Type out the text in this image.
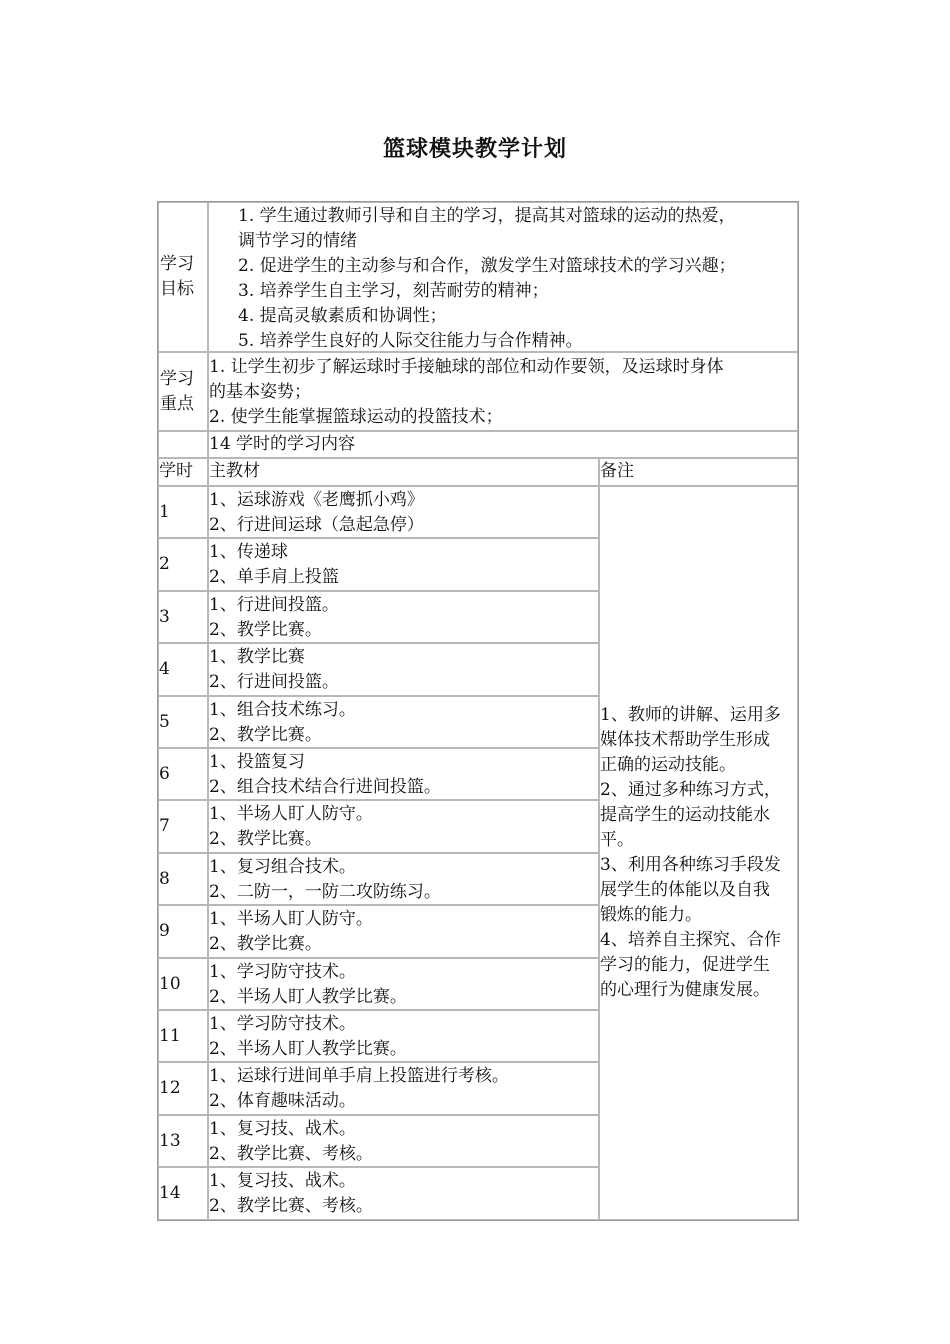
篮球模块教学计划
学习
目标
1. 学生通过教师引导和自主的学习，提高其对篮球的运动的热爱，
调节学习的情绪
2. 促进学生的主动参与和合作，激发学生对篮球技术的学习兴趣；
3. 培养学生自主学习，刻苦耐劳的精神；
4. 提高灵敏素质和协调性；
5. 培养学生良好的人际交往能力与合作精神。
学习
重点
1. 让学生初步了解运球时手接触球的部位和动作要领，及运球时身体
的基本姿势；
2. 使学生能掌握篮球运动的投篮技术；
14 学时的学习内容
学时 主教材	备注
1
1、运球游戏《老鹰抓小鸡》
2、行进间运球（急起急停）
2
1、传递球
2、单手肩上投篮
3
1、行进间投篮。
2、教学比赛。
4
1、教学比赛
2、行进间投篮。
5
1、组合技术练习。
2、教学比赛。
6
1、投篮复习
2、组合技术结合行进间投篮。
7
1、半场人盯人防守。
2、教学比赛。
8
1、复习组合技术。
2、二防一，一防二攻防练习。
9
1、半场人盯人防守。
2、教学比赛。
10
1、学习防守技术。
2、半场人盯人教学比赛。
11
1、学习防守技术。
2、半场人盯人教学比赛。
12
1、运球行进间单手肩上投篮进行考核。
2、体育趣味活动。
13
1、复习技、战术。
2、教学比赛、考核。
14
1、复习技、战术。
2、教学比赛、考核。
1、教师的讲解、运用多
媒体技术帮助学生形成
正确的运动技能。
2、通过多种练习方式，
提高学生的运动技能水
平。
3、利用各种练习手段发
展学生的体能以及自我
锻炼的能力。
4、培养自主探究、合作
学习的能力，促进学生
的心理行为健康发展。
